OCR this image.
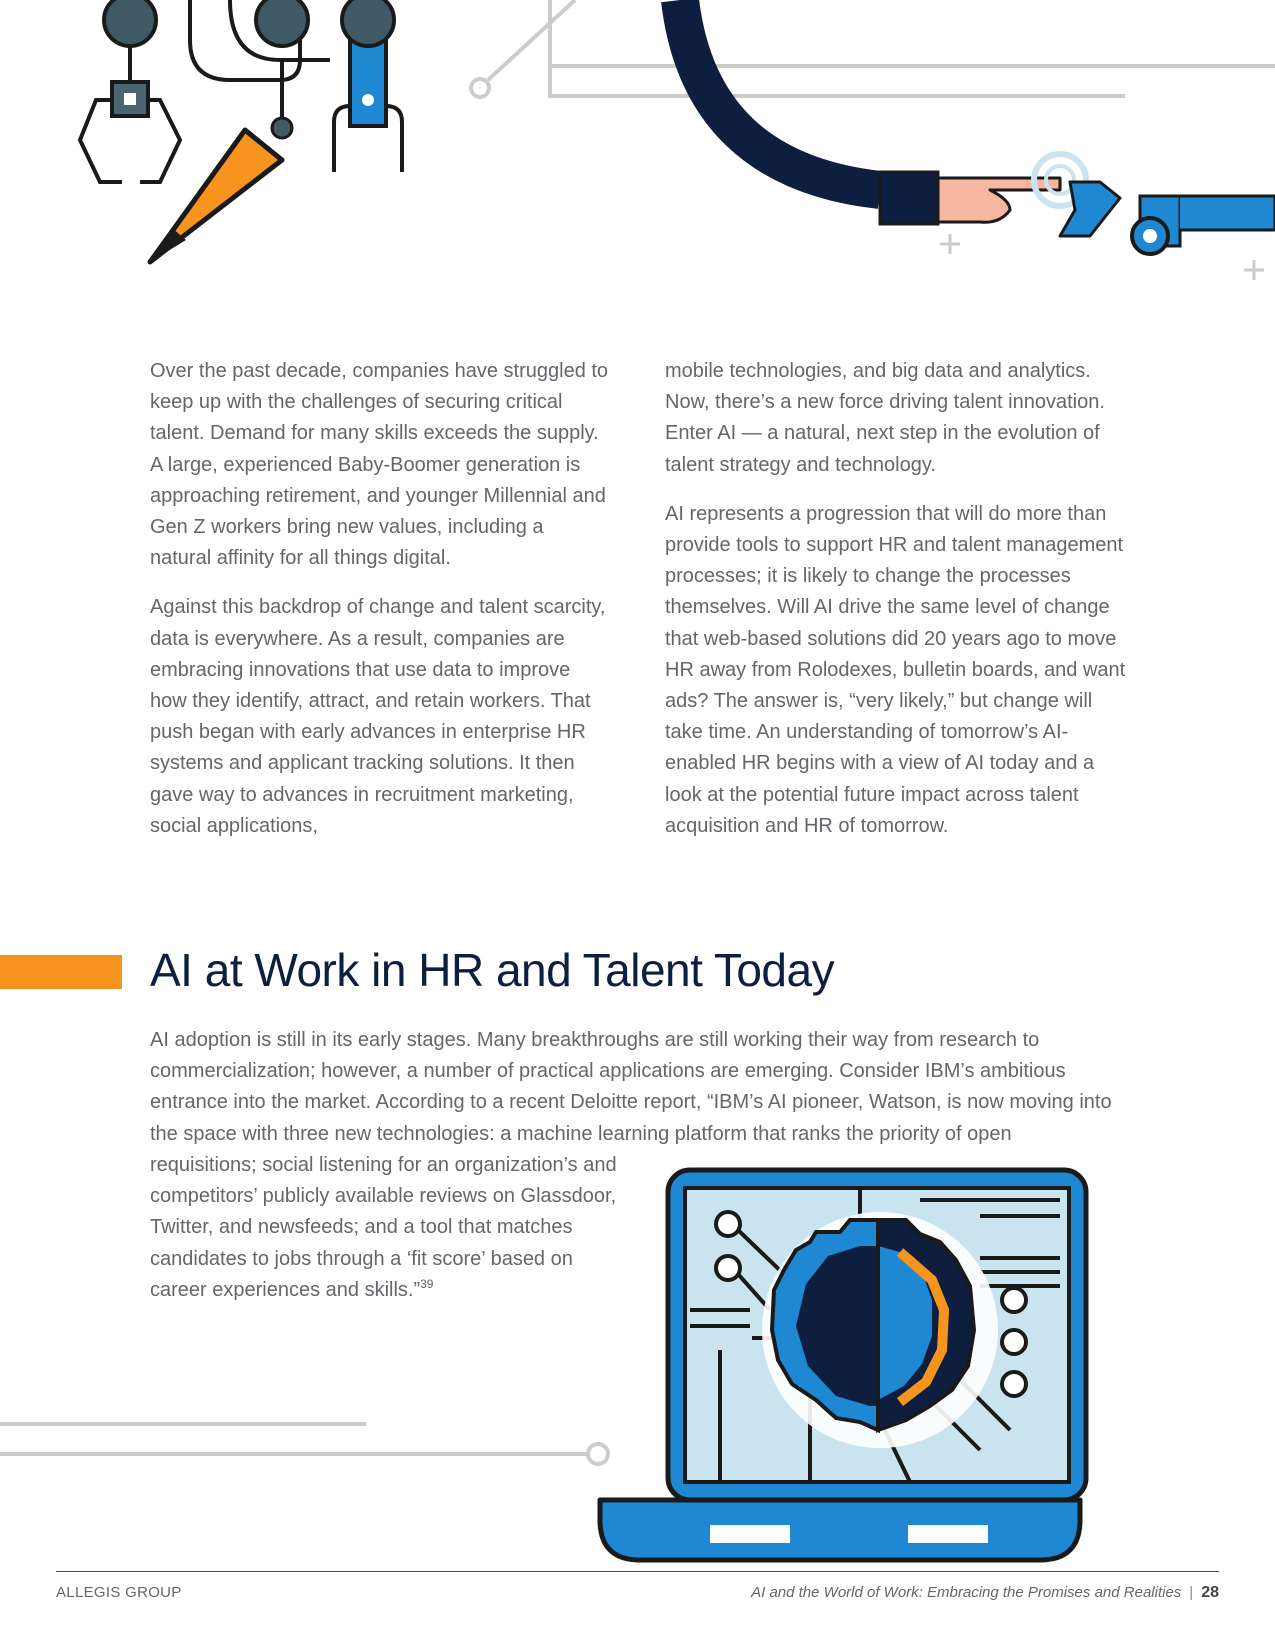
Over the past decade, companies have struggled to keep up with the challenges of securing critical talent. Demand for many skills exceeds the supply. A large, experienced Baby-Boomer generation is approaching retirement, and younger Millennial and Gen Z workers bring new values, including a natural affinity for all things digital.

Against this backdrop of change and talent scarcity, data is everywhere. As a result, companies are embracing innovations that use data to improve how they identify, attract, and retain workers. That push began with early advances in enterprise HR systems and applicant tracking solutions. It then gave way to advances in recruitment marketing, social applications,

mobile technologies, and big data and analytics. Now, there’s a new force driving talent innovation. Enter AI — a natural, next step in the evolution of talent strategy and technology.

AI represents a progression that will do more than provide tools to support HR and talent management processes; it is likely to change the processes themselves. Will AI drive the same level of change that web-based solutions did 20 years ago to move HR away from Rolodexes, bulletin boards, and want ads? The answer is, “very likely,” but change will take time. An understanding of tomorrow’s AI-enabled HR begins with a view of AI today and a look at the potential future impact across talent acquisition and HR of tomorrow.

AI at Work in HR and Talent Today

AI adoption is still in its early stages. Many breakthroughs are still working their way from research to commercialization; however, a number of practical applications are emerging. Consider IBM’s ambitious entrance into the market. According to a recent Deloitte report, “IBM’s AI pioneer, Watson, is now moving into the space with three new technologies: a machine learning platform that ranks the priority of open

requisitions; social listening for an organization’s and competitors’ publicly available reviews on Glassdoor, Twitter, and newsfeeds; and a tool that matches candidates to jobs through a ‘fit score’ based on career experiences and skills.”$^{39}$

ALLEGIS GROUP	AI and the World of Work: Embracing the Promises and Realities | 28
